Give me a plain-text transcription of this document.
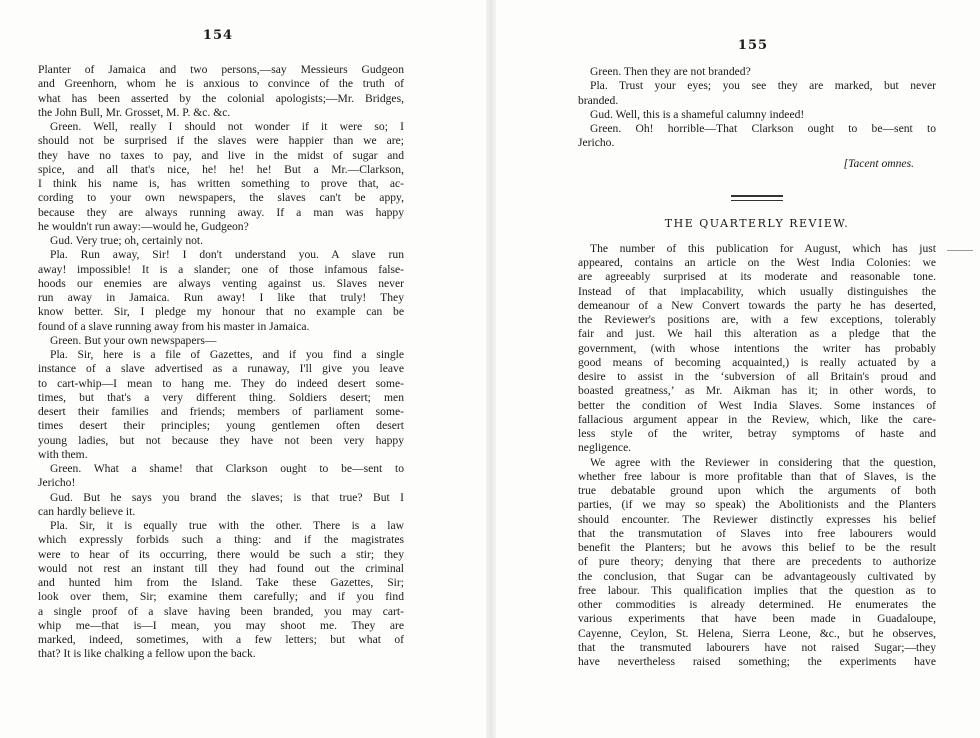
154
Planter of Jamaica and two persons,—say Messieurs Gudgeon
and Greenhorn, whom he is anxious to convince of the truth of
what has been asserted by the colonial apologists;—Mr. Bridges,
the John Bull, Mr. Grosset, M. P. &c. &c.
Green. Well, really I should not wonder if it were so; I
should not be surprised if the slaves were happier than we are;
they have no taxes to pay, and live in the midst of sugar and
spice, and all that's nice, he! he! he! But a Mr.—Clarkson,
I think his name is, has written something to prove that, ac-
cording to your own newspapers, the slaves can't be appy,
because they are always running away. If a man was happy
he wouldn't run away:—would he, Gudgeon?
Gud. Very true; oh, certainly not.
Pla. Run away, Sir! I don't understand you. A slave run
away! impossible! It is a slander; one of those infamous false-
hoods our enemies are always venting against us. Slaves never
run away in Jamaica. Run away! I like that truly! They
know better. Sir, I pledge my honour that no example can be
found of a slave running away from his master in Jamaica.
Green. But your own newspapers—
Pla. Sir, here is a file of Gazettes, and if you find a single
instance of a slave advertised as a runaway, I'll give you leave
to cart-whip—I mean to hang me. They do indeed desert some-
times, but that's a very different thing. Soldiers desert; men
desert their families and friends; members of parliament some-
times desert their principles; young gentlemen often desert
young ladies, but not because they have not been very happy
with them.
Green. What a shame! that Clarkson ought to be—sent to
Jericho!
Gud. But he says you brand the slaves; is that true? But I
can hardly believe it.
Pla. Sir, it is equally true with the other. There is a law
which expressly forbids such a thing: and if the magistrates
were to hear of its occurring, there would be such a stir; they
would not rest an instant till they had found out the criminal
and hunted him from the Island. Take these Gazettes, Sir;
look over them, Sir; examine them carefully; and if you find
a single proof of a slave having been branded, you may cart-
whip me—that is—I mean, you may shoot me. They are
marked, indeed, sometimes, with a few letters; but what of
that? It is like chalking a fellow upon the back.
155
Green. Then they are not branded?
Pla. Trust your eyes; you see they are marked, but never
branded.
Gud. Well, this is a shameful calumny indeed!
Green. Oh! horrible—That Clarkson ought to be—sent to
Jericho.
[Tacent omnes.
THE QUARTERLY REVIEW.
The number of this publication for August, which has just
appeared, contains an article on the West India Colonies: we
are agreeably surprised at its moderate and reasonable tone.
Instead of that implacability, which usually distinguishes the
demeanour of a New Convert towards the party he has deserted,
the Reviewer's positions are, with a few exceptions, tolerably
fair and just. We hail this alteration as a pledge that the
government, (with whose intentions the writer has probably
good means of becoming acquainted,) is really actuated by a
desire to assist in the ‘subversion of all Britain's proud and
boasted greatness,’ as Mr. Aikman has it; in other words, to
better the condition of West India Slaves. Some instances of
fallacious argument appear in the Review, which, like the care-
less style of the writer, betray symptoms of haste and
negligence.
We agree with the Reviewer in considering that the question,
whether free labour is more profitable than that of Slaves, is the
true debatable ground upon which the arguments of both
parties, (if we may so speak) the Abolitionists and the Planters
should encounter. The Reviewer distinctly expresses his belief
that the transmutation of Slaves into free labourers would
benefit the Planters; but he avows this belief to be the result
of pure theory; denying that there are precedents to authorize
the conclusion, that Sugar can be advantageously cultivated by
free labour. This qualification implies that the question as to
other commodities is already determined. He enumerates the
various experiments that have been made in Guadaloupe,
Cayenne, Ceylon, St. Helena, Sierra Leone, &c., but he observes,
that the transmuted labourers have not raised Sugar;—they
have nevertheless raised something; the experiments have
